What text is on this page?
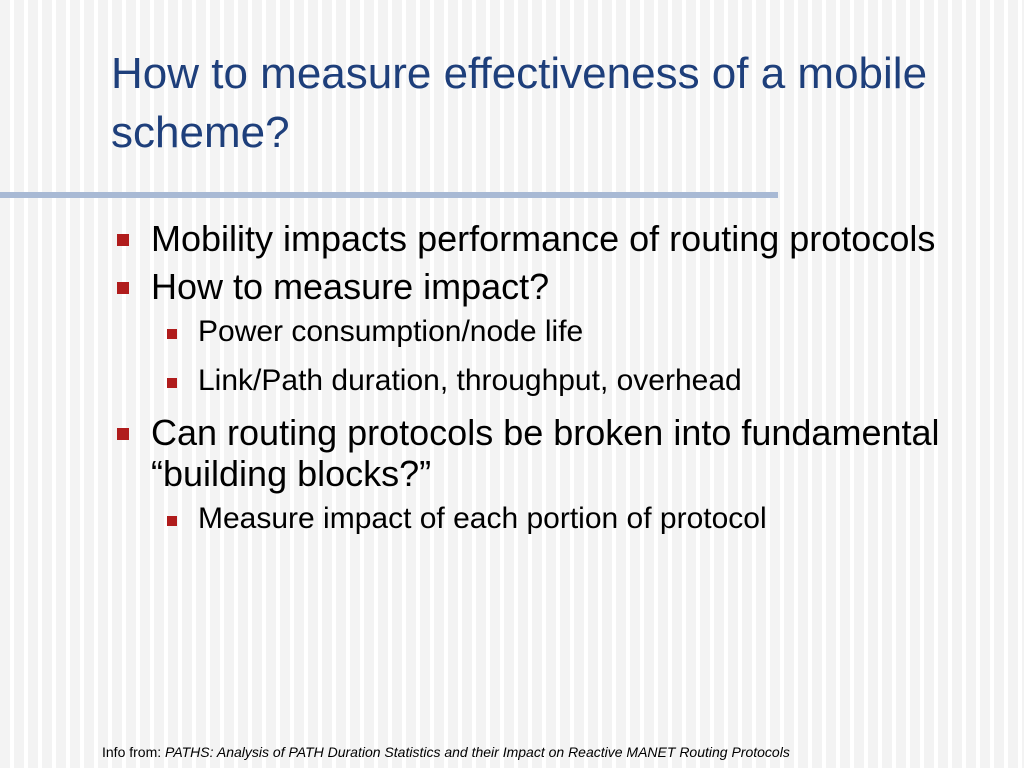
How to measure effectiveness of a mobile scheme?
Mobility impacts performance of routing protocols
How to measure impact?
Power consumption/node life
Link/Path duration, throughput, overhead
Can routing protocols be broken into fundamental “building blocks?”
Measure impact of each portion of protocol
Info from: PATHS: Analysis of PATH Duration Statistics and their Impact on Reactive MANET Routing Protocols
